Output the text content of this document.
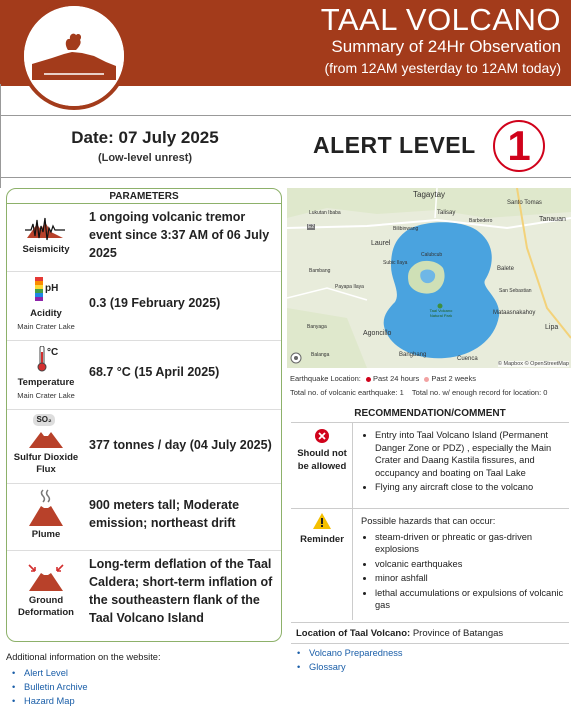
TAAL VOLCANO
Summary of 24Hr Observation
(from 12AM yesterday to 12AM today)
Date: 07 July 2025
(Low-level unrest)	ALERT LEVEL 1
PARAMETERS
Seismicity
1 ongoing volcanic tremor event since 3:37 AM of 06 July 2025
pH
Acidity
Main Crater Lake
0.3 (19 February 2025)
°C
Temperature
Main Crater Lake
68.7 °C (15 April 2025)
SO₂
Sulfur Dioxide Flux
377 tonnes / day (04 July 2025)
Plume
900 meters tall; Moderate emission; northeast drift
Ground Deformation
Long-term deflation of the Taal Caldera; short-term inflation of the southeastern flank of the Taal Volcano Island
Tagaytay
Talisay
Santo Tomas
Tanauan
Lukutan Ibaba
Balete
Barbedero
Laurel
Bambang
Payapa Ilaya
San Sebastian
Mataasnakahoy
Taal Volcano Natural Park
Agoncillo
Cuenca
Lipa
Banyaga
Bilibinwang
Subic Ilaya
Calubcub
Balanga	Bangbang
E2
© Mapbox © OpenStreetMap
Earthquake Location: Past 24 hours Past 2 weeks
Total no. of volcanic earthquake: 1 Total no. w/ enough record for location: 0
RECOMMENDATION/COMMENT
Should not be allowed
• Entry into Taal Volcano Island (Permanent Danger Zone or PDZ) , especially the Main Crater and Daang Kastila fissures, and occupancy and boating on Taal Lake
• Flying any aircraft close to the volcano
Reminder
Possible hazards that can occur:
• steam-driven or phreatic or gas-driven explosions
• volcanic earthquakes
• minor ashfall
• lethal accumulations or expulsions of volcanic gas
Location of Taal Volcano: Province of Batangas
• Volcano Preparedness
• Glossary
Additional information on the website:
• Alert Level
• Bulletin Archive
• Hazard Map
